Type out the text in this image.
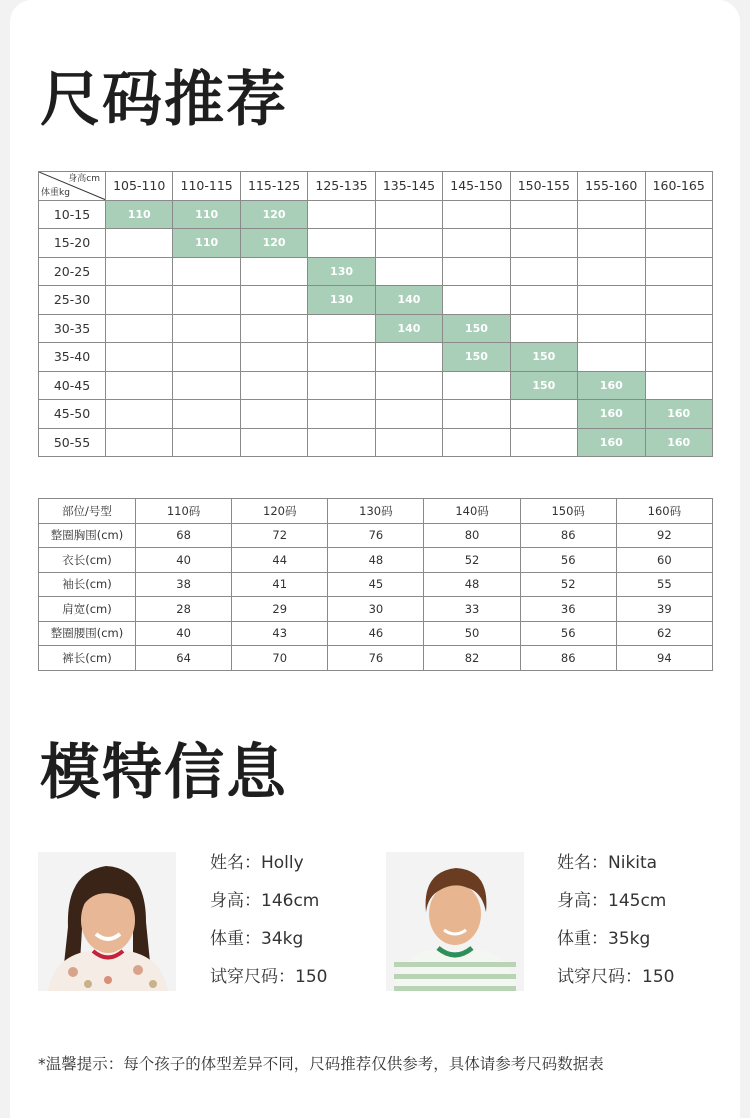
尺码推荐
身高cm
体重kg	105-110	110-115	115-125	125-135	135-145	145-150	150-155	155-160	160-165
10-15	110	110	120						
15-20		110	120						
20-25				130					
25-30				130	140				
30-35					140	150			
35-40						150	150		
40-45							150	160	
45-50								160	160
50-55								160	160
部位/号型	110码	120码	130码	140码	150码	160码
整圈胸围(cm)	68	72	76	80	86	92
衣长(cm)	40	44	48	52	56	60
袖长(cm)	38	41	45	48	52	55
肩宽(cm)	28	29	30	33	36	39
整圈腰围(cm)	40	43	46	50	56	62
裤长(cm)	64	70	76	82	86	94
模特信息
姓名：Holly
身高：146cm
体重：34kg
试穿尺码：150
姓名：Nikita
身高：145cm
体重：35kg
试穿尺码：150
*温馨提示：每个孩子的体型差异不同，尺码推荐仅供参考，具体请参考尺码数据表
